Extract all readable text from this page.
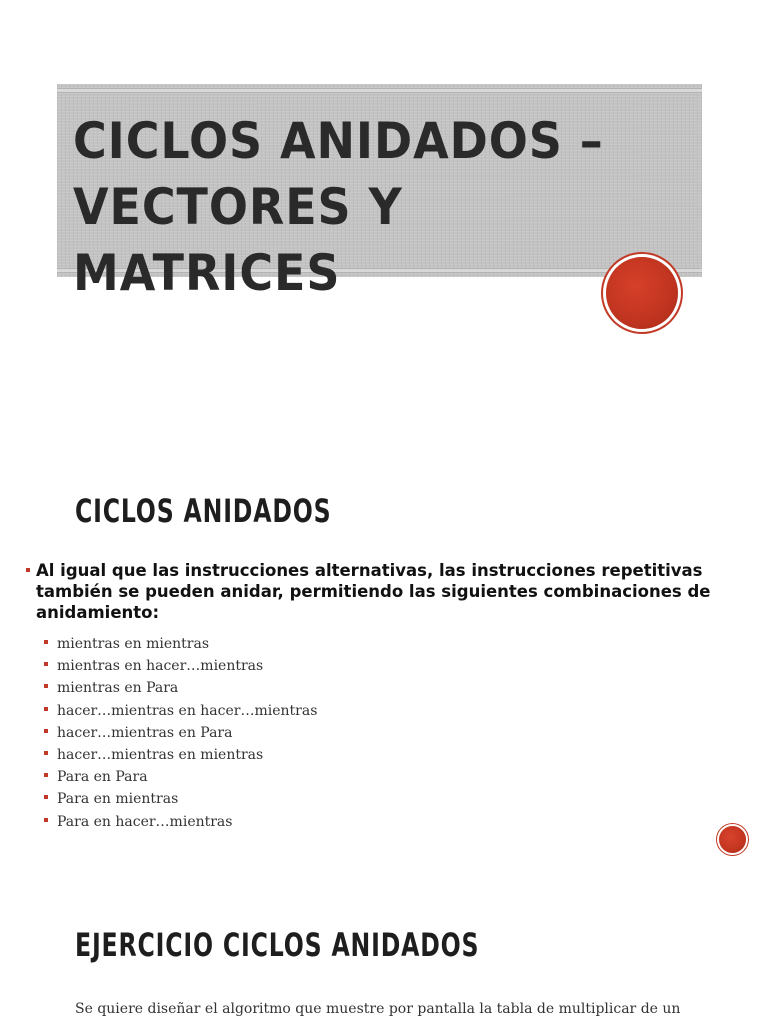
CICLOS ANIDADOS –
VECTORES Y MATRICES
CICLOS ANIDADOS
Al igual que las instrucciones alternativas, las instrucciones repetitivas también se pueden anidar, permitiendo las siguientes combinaciones de anidamiento:
mientras en mientras
mientras en hacer…mientras
mientras en Para
hacer…mientras en hacer…mientras
hacer…mientras en Para
hacer…mientras en mientras
Para en Para
Para en mientras
Para en hacer…mientras
EJERCICIO CICLOS ANIDADOS
Se quiere diseñar el algoritmo que muestre por pantalla la tabla de multiplicar de un
